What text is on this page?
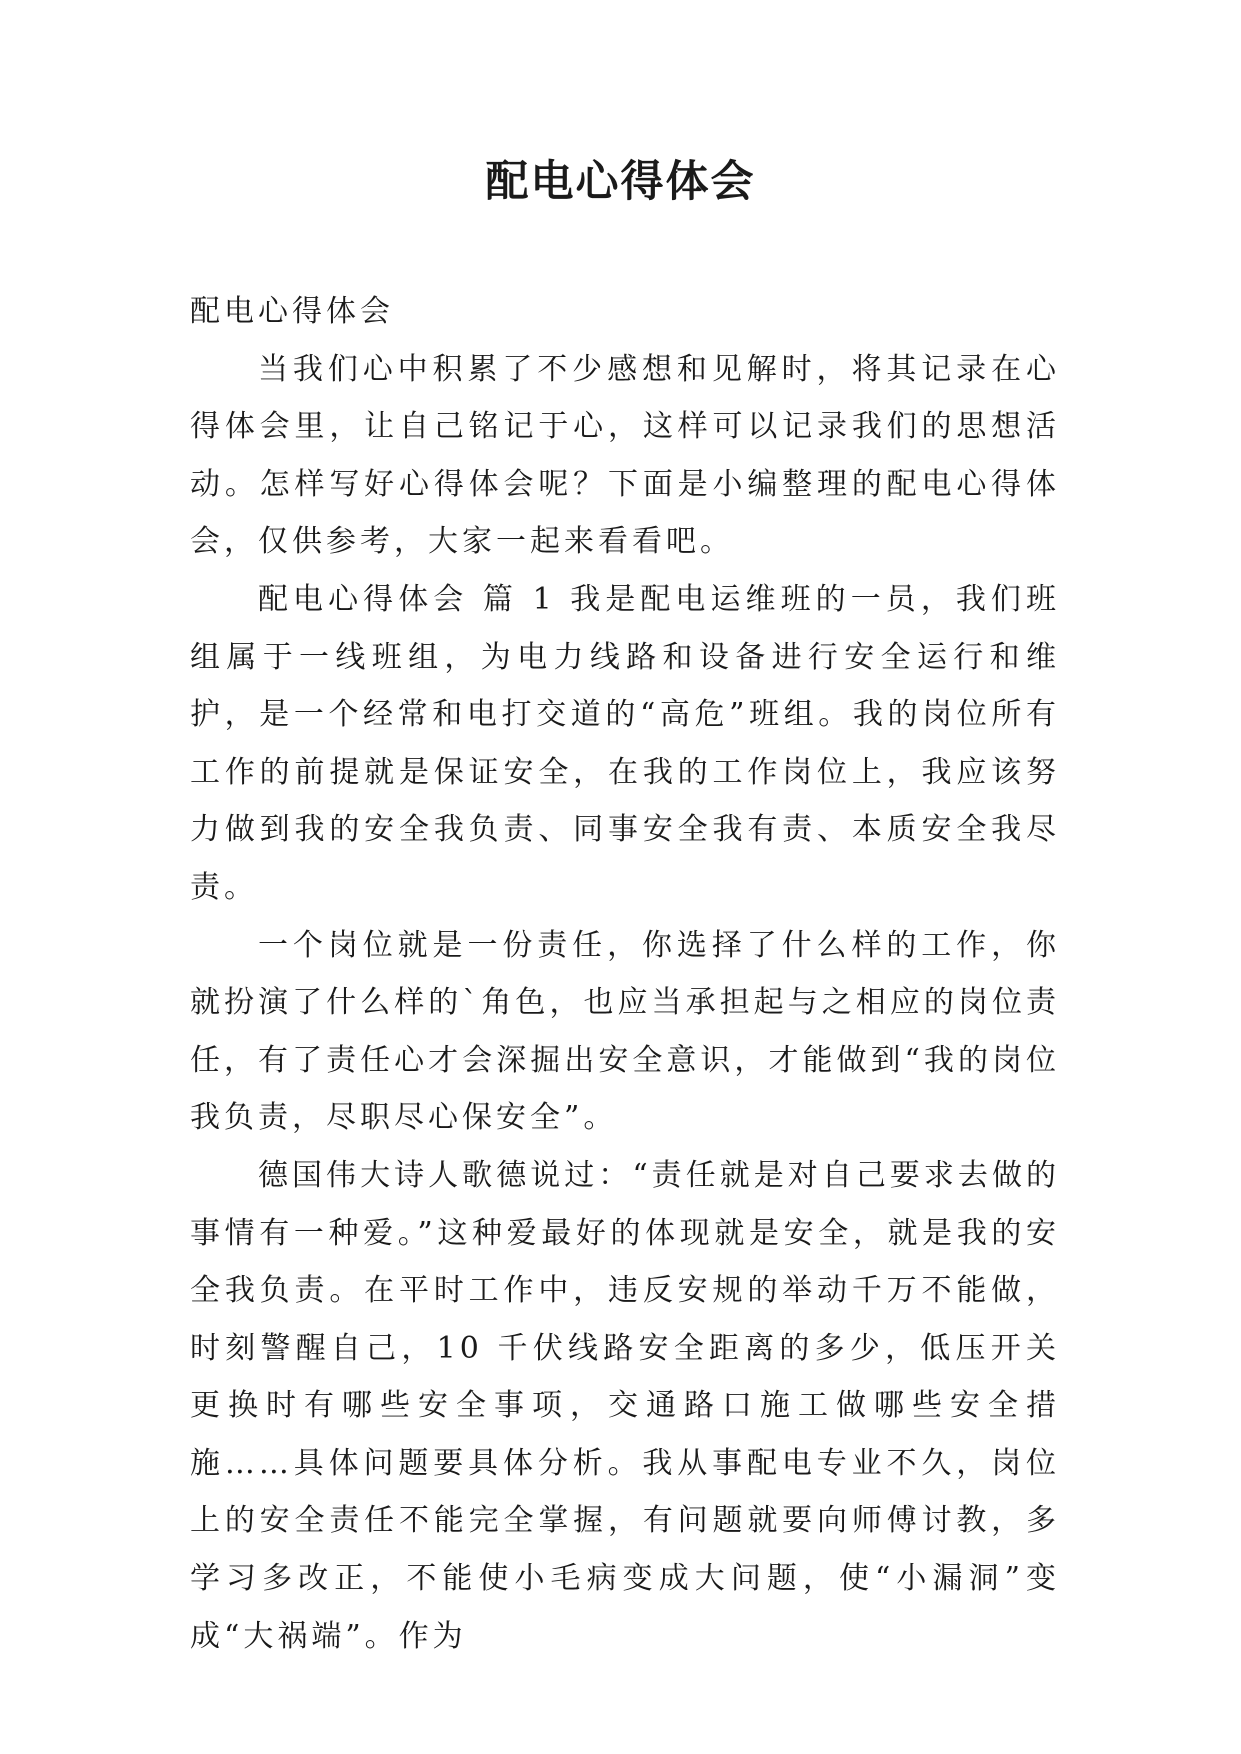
配电心得体会

配电心得体会

当我们心中积累了不少感想和见解时，将其记录在心得体会里，让自己铭记于心，这样可以记录我们的思想活动。怎样写好心得体会呢？下面是小编整理的配电心得体会，仅供参考，大家一起来看看吧。

配电心得体会 篇 1 我是配电运维班的一员，我们班组属于一线班组，为电力线路和设备进行安全运行和维护，是一个经常和电打交道的“高危”班组。我的岗位所有工作的前提就是保证安全，在我的工作岗位上，我应该努力做到我的安全我负责、同事安全我有责、本质安全我尽责。

一个岗位就是一份责任，你选择了什么样的工作，你就扮演了什么样的`角色，也应当承担起与之相应的岗位责任，有了责任心才会深掘出安全意识，才能做到“我的岗位我负责，尽职尽心保安全”。

德国伟大诗人歌德说过：“责任就是对自己要求去做的事情有一种爱。”这种爱最好的体现就是安全，就是我的安全我负责。在平时工作中，违反安规的举动千万不能做，时刻警醒自己，10 千伏线路安全距离的多少，低压开关更换时有哪些安全事项，交通路口施工做哪些安全措施……具体问题要具体分析。我从事配电专业不久，岗位上的安全责任不能完全掌握，有问题就要向师傅讨教，多学习多改正，不能使小毛病变成大问题，使“小漏洞”变成“大祸端”。作为
